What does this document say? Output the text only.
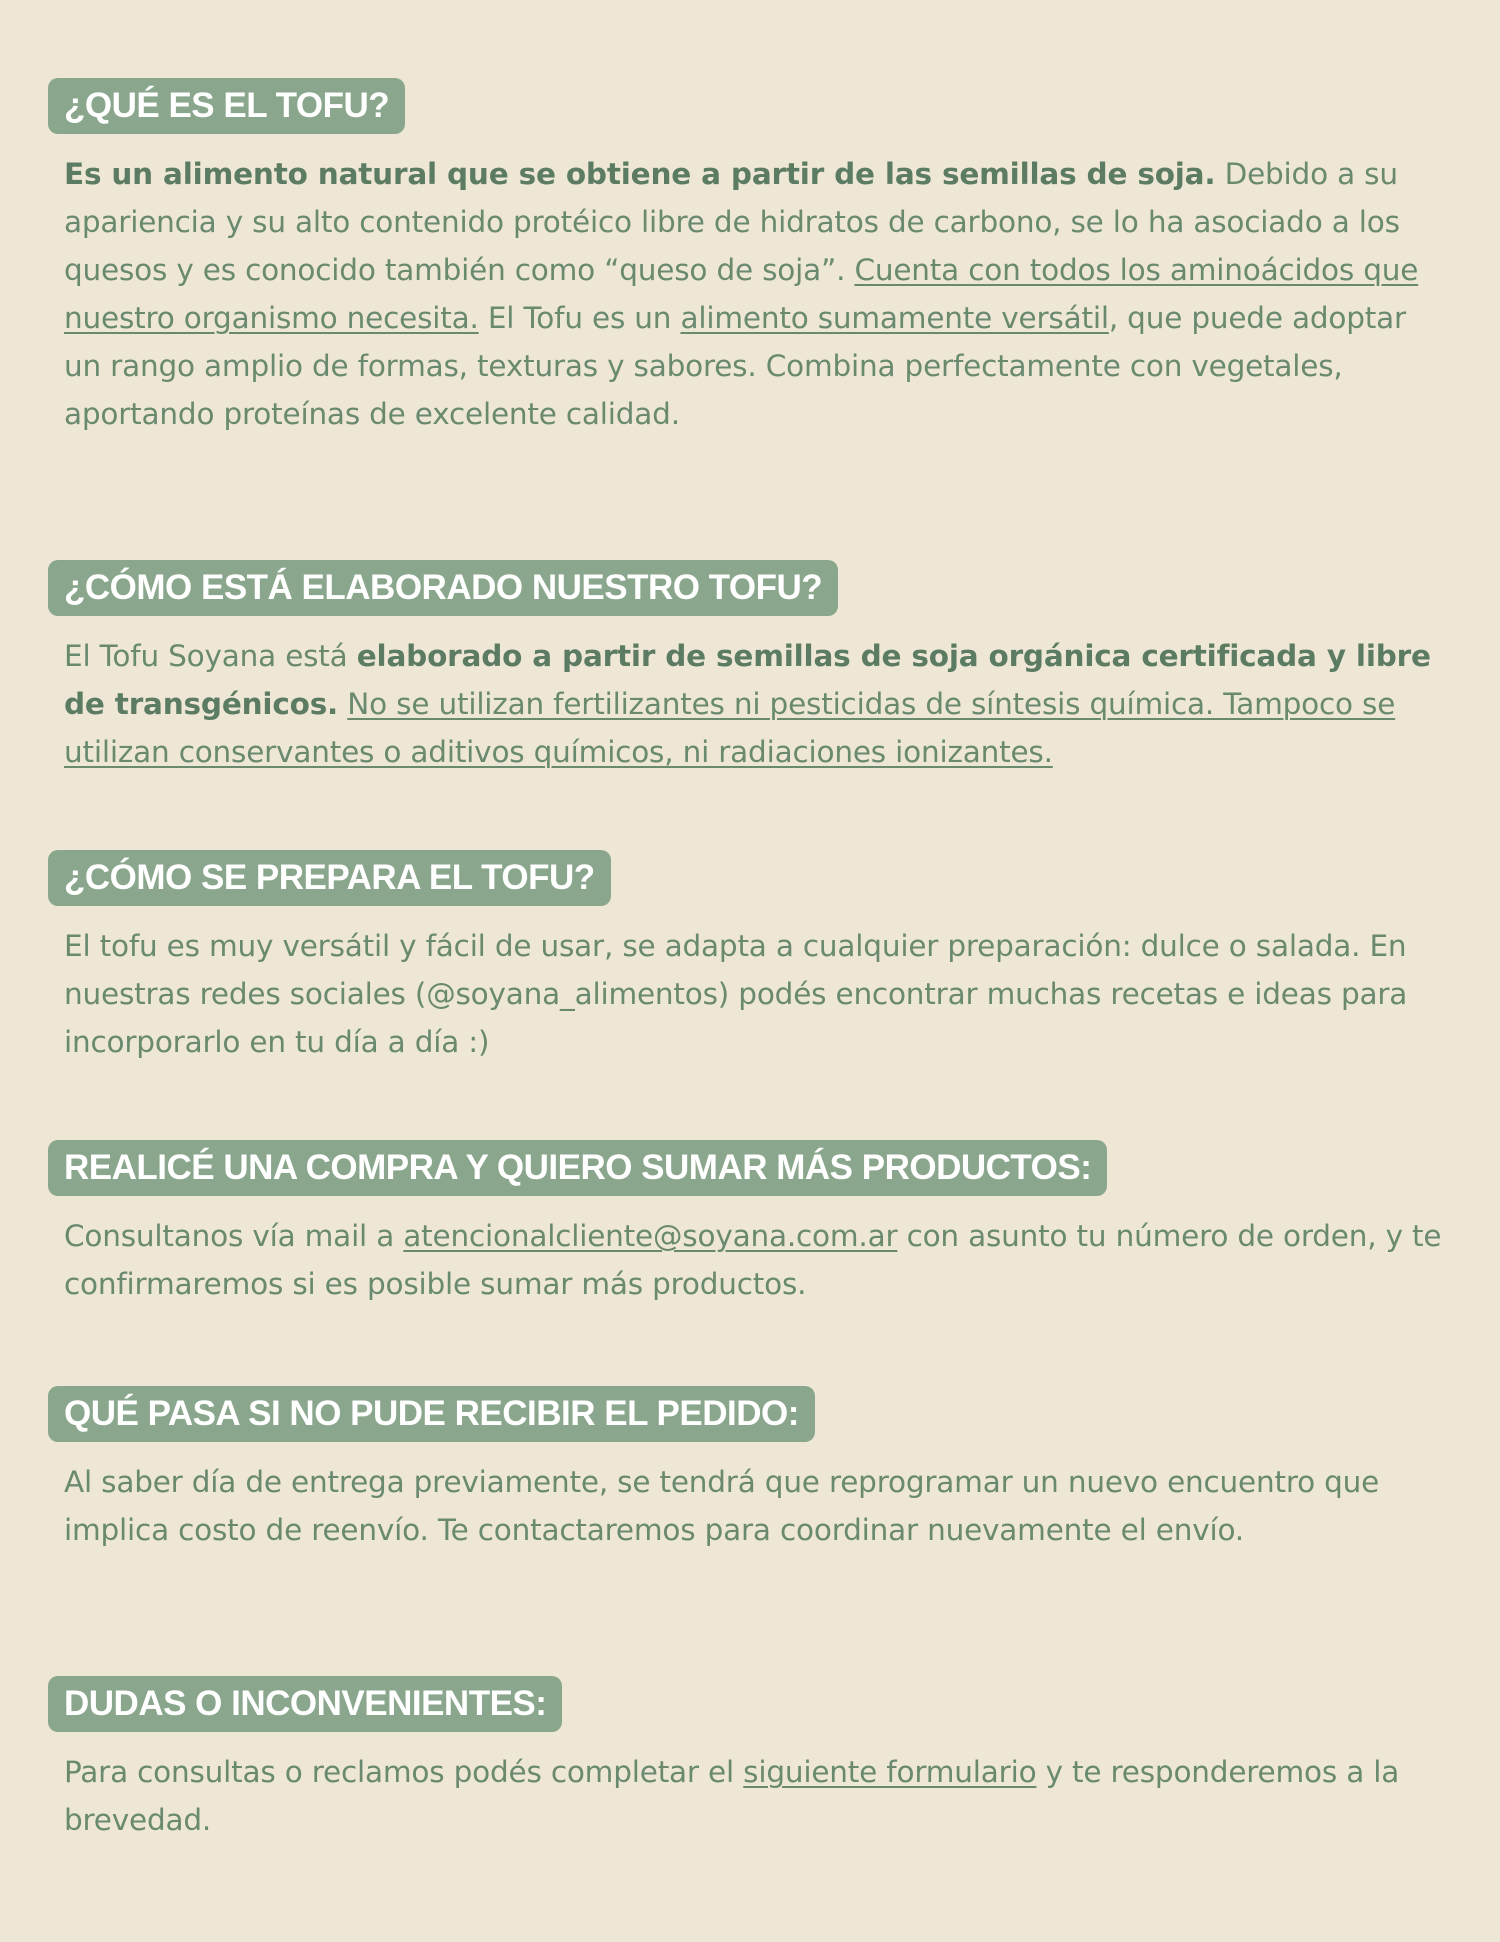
¿QUÉ ES EL TOFU?
Es un alimento natural que se obtiene a partir de las semillas de soja. Debido a su apariencia y su alto contenido protéico libre de hidratos de carbono, se lo ha asociado a los quesos y es conocido también como “queso de soja”. Cuenta con todos los aminoácidos que nuestro organismo necesita. El Tofu es un alimento sumamente versátil, que puede adoptar un rango amplio de formas, texturas y sabores. Combina perfectamente con vegetales, aportando proteínas de excelente calidad.
¿CÓMO ESTÁ ELABORADO NUESTRO TOFU?
El Tofu Soyana está elaborado a partir de semillas de soja orgánica certificada y libre de transgénicos. No se utilizan fertilizantes ni pesticidas de síntesis química. Tampoco se utilizan conservantes o aditivos químicos, ni radiaciones ionizantes.
¿CÓMO SE PREPARA EL TOFU?
El tofu es muy versátil y fácil de usar, se adapta a cualquier preparación: dulce o salada. En nuestras redes sociales (@soyana_alimentos) podés encontrar muchas recetas e ideas para incorporarlo en tu día a día :)
REALICÉ UNA COMPRA Y QUIERO SUMAR MÁS PRODUCTOS:
Consultanos vía mail a atencionalcliente@soyana.com.ar con asunto tu número de orden, y te confirmaremos si es posible sumar más productos.
QUÉ PASA SI NO PUDE RECIBIR EL PEDIDO:
Al saber día de entrega previamente, se tendrá que reprogramar un nuevo encuentro que implica costo de reenvío. Te contactaremos para coordinar nuevamente el envío.
DUDAS O INCONVENIENTES:
Para consultas o reclamos podés completar el siguiente formulario y te responderemos a la brevedad.
